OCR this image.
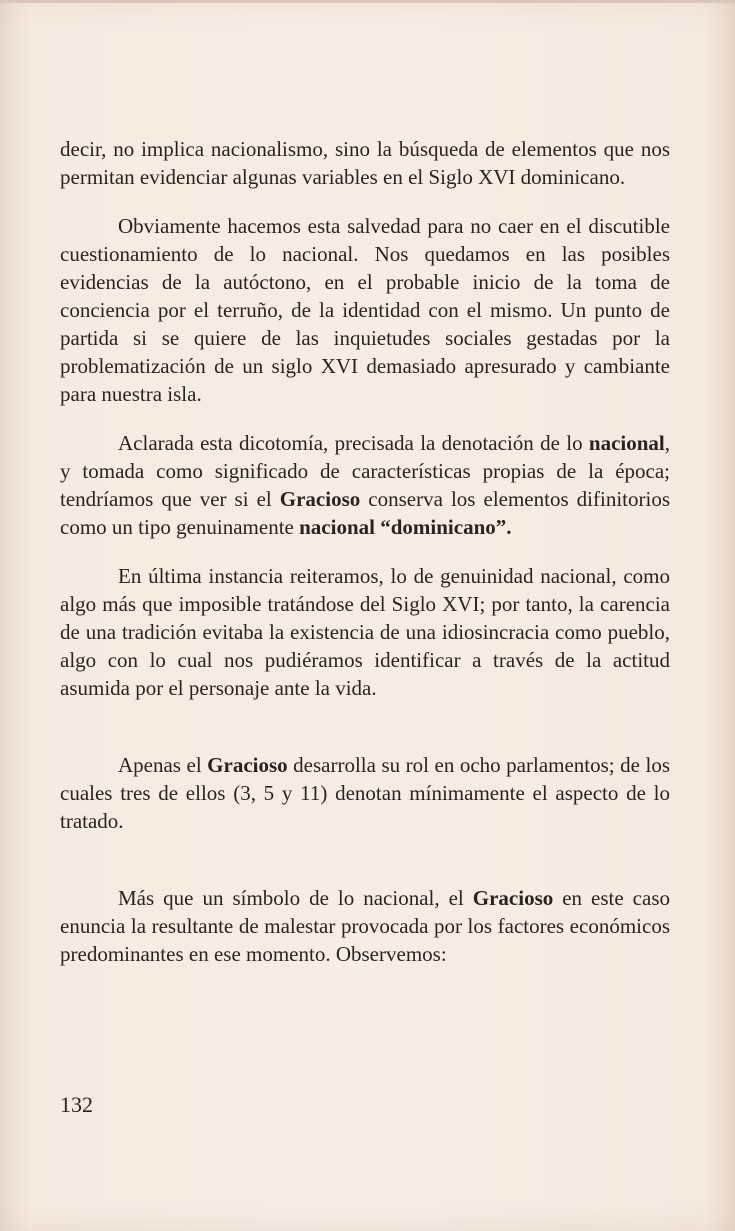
decir, no implica nacionalismo, sino la búsqueda de elementos que nos permitan evidenciar algunas variables en el Siglo XVI dominicano.

Obviamente hacemos esta salvedad para no caer en el discutible cuestionamiento de lo nacional. Nos quedamos en las posibles evidencias de la autóctono, en el probable inicio de la toma de conciencia por el terruño, de la identidad con el mismo. Un punto de partida si se quiere de las inquietudes sociales gestadas por la problematización de un siglo XVI demasiado apresurado y cambiante para nuestra isla.

Aclarada esta dicotomía, precisada la denotación de lo nacional, y tomada como significado de características propias de la época; tendríamos que ver si el Gracioso conserva los elementos difinitorios como un tipo genuinamente nacional “dominicano”.

En última instancia reiteramos, lo de genuinidad nacional, como algo más que imposible tratándose del Siglo XVI; por tanto, la carencia de una tradición evitaba la existencia de una idiosincracia como pueblo, algo con lo cual nos pudiéramos identificar a través de la actitud asumida por el personaje ante la vida.

Apenas el Gracioso desarrolla su rol en ocho parlamentos; de los cuales tres de ellos (3, 5 y 11) denotan mínimamente el aspecto de lo tratado.

Más que un símbolo de lo nacional, el Gracioso en este caso enuncia la resultante de malestar provocada por los factores económicos predominantes en ese momento. Observemos:

132
